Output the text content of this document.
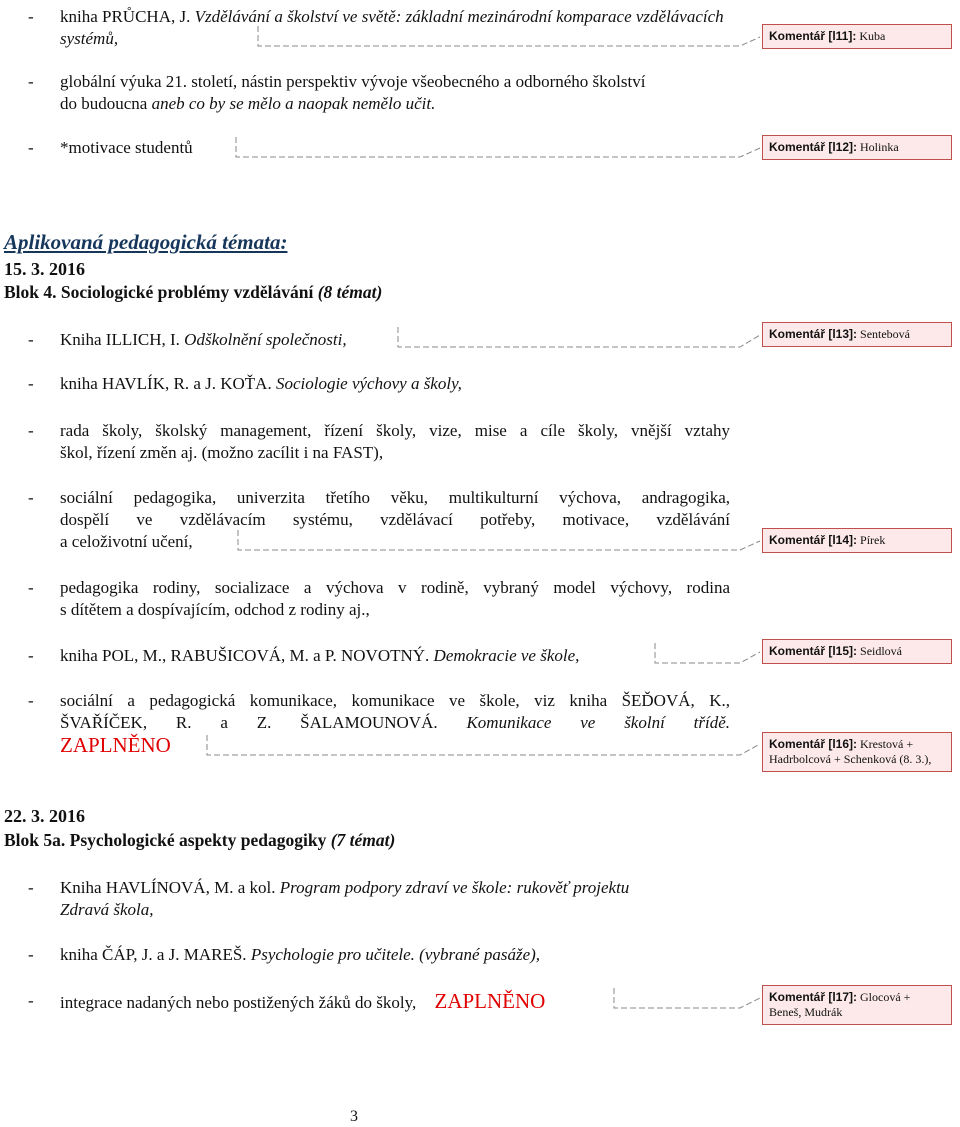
- kniha PRŮCHA, J. Vzdělávání a školství ve světě: základní mezinárodní komparace vzdělávacích systémů,
- globální výuka 21. století, nástin perspektiv vývoje všeobecného a odborného školství
do budoucna aneb co by se mělo a naopak nemělo učit.
- *motivace studentů
Aplikovaná pedagogická témata:
15. 3. 2016
Blok 4. Sociologické problémy vzdělávání (8 témat)
- Kniha ILLICH, I. Odškolnění společnosti,
- kniha HAVLÍK, R. a J. KOŤA. Sociologie výchovy a školy,
- rada školy, školský management, řízení školy, vize, mise a cíle školy, vnější vztahy
škol, řízení změn aj. (možno zacílit i na FAST),
- sociální pedagogika, univerzita třetího věku, multikulturní výchova, andragogika,
dospělí ve vzdělávacím systému, vzdělávací potřeby, motivace, vzdělávání
a celoživotní učení,
- pedagogika rodiny, socializace a výchova v rodině, vybraný model výchovy, rodina
s dítětem a dospívajícím, odchod z rodiny aj.,
- kniha POL, M., RABUŠICOVÁ, M. a P. NOVOTNÝ. Demokracie ve škole,
- sociální a pedagogická komunikace, komunikace ve škole, viz kniha ŠEĎOVÁ, K.,
ŠVAŘÍČEK, R. a Z. ŠALAMOUNOVÁ. Komunikace ve školní třídě.
ZAPLNĚNO
22. 3. 2016
Blok 5a. Psychologické aspekty pedagogiky (7 témat)
- Kniha HAVLÍNOVÁ, M. a kol. Program podpory zdraví ve škole: rukověť projektu
Zdravá škola,
- kniha ČÁP, J. a J. MAREŠ. Psychologie pro učitele. (vybrané pasáže),
- integrace nadaných nebo postižených žáků do školy, ZAPLNĚNO
Komentář [l11]: Kuba
Komentář [l12]: Holinka
Komentář [l13]: Sentebová
Komentář [l14]: Pírek
Komentář [l15]: Seidlová
Komentář [l16]: Krestová + Hadrbolcová + Schenková (8. 3.),
Komentář [l17]: Glocová + Beneš, Mudrák
3
